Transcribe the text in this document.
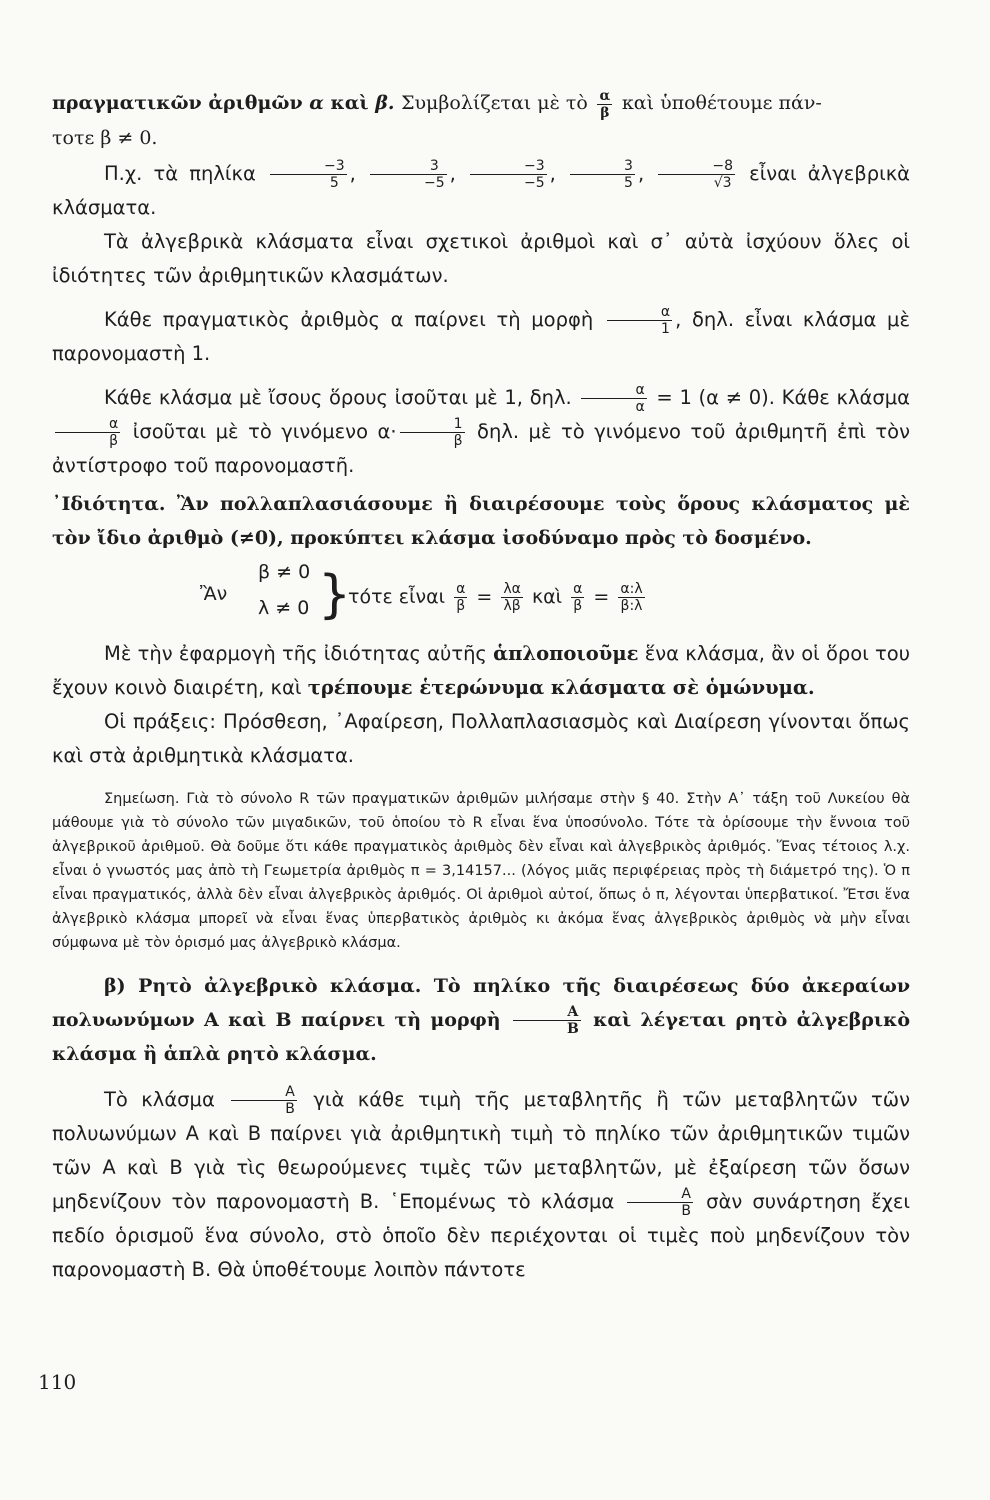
πραγματικῶν ἀριθμῶν α καὶ β. Συμβολίζεται μὲ τὸ $\frac{\alpha}{\beta}$ καὶ ὑποθέτουμε πάν-
τοτε β ≠ 0.

Π.χ. τὰ πηλίκα $\frac{-3}{5}$ , $\frac{3}{-5}$ , $\frac{-3}{-5}$ , $\frac{3}{5}$ , $\frac{-8}{√3}$ εἶναι ἀλγεβρικὰ κλάσματα.

Τὰ ἀλγεβρικὰ κλάσματα εἶναι σχετικοὶ ἀριθμοὶ καὶ σ᾽ αὐτὰ ἰσχύουν ὅλες οἱ ἰδιότητες τῶν ἀριθμητικῶν κλασμάτων.

Κάθε πραγματικὸς ἀριθμὸς α παίρνει τὴ μορφὴ $\frac{\alpha}{1}$ , δηλ. εἶναι κλάσμα μὲ παρονομαστὴ 1.

Κάθε κλάσμα μὲ ἴσους ὅρους ἰσοῦται μὲ 1, δηλ. $\frac{\alpha}{\alpha} = 1$ (α ≠ 0). Κάθε κλάσμα
$\frac{\alpha}{\beta}$ ἰσοῦται μὲ τὸ γινόμενο $\alpha\cdot \frac{1}{\beta} \delta\eta\lambda$. μὲ τὸ γινόμενο τοῦ ἀριθμητῆ ἐπὶ τὸν ἀντίστροφο τοῦ παρονομαστῆ.

᾿Ιδιότητα. Ἂν πολλαπλασιάσουμε ἢ διαιρέσουμε τοὺς ὅρους κλάσματος μὲ τὸν ἴδιο ἀριθμὸ (≠0), προκύπτει κλάσμα ἰσοδύναμο πρὸς τὸ δοσμένο.

Ἂν
β ≠ 0
λ ≠ 0 }
τότε εἶναι $\frac{\alpha}{\beta} = \frac{\lambda\alpha}{\lambda\beta}$ καὶ $\frac{\alpha}{\beta} = \frac{\alpha:\lambda}{\beta:\lambda}$

Μὲ τὴν ἐφαρμογὴ τῆς ἰδιότητας αὐτῆς ἁπλοποιοῦμε ἕνα κλάσμα, ἂν οἱ ὅροι του ἔχουν κοινὸ διαιρέτη, καὶ τρέπουμε ἑτερώνυμα κλάσματα σὲ ὁμώνυμα.

Οἱ πράξεις: Πρόσθεση, ᾿Αφαίρεση, Πολλαπλασιασμὸς καὶ Διαίρεση γίνονται ὅπως καὶ στὰ ἀριθμητικὰ κλάσματα.

Σημείωση. Γιὰ τὸ σύνολο R τῶν πραγματικῶν ἀριθμῶν μιλήσαμε στὴν § 40. Στὴν Α᾽ τάξη τοῦ Λυκείου θὰ μάθουμε γιὰ τὸ σύνολο τῶν μιγαδικῶν, τοῦ ὁποίου τὸ R εἶναι ἕνα ὑποσύνολο. Τότε τὰ ὁρίσουμε τὴν ἔννοια τοῦ ἀλγεβρικοῦ ἀριθμοῦ. Θὰ δοῦμε ὅτι κάθε πραγματικὸς ἀριθμὸς δὲν εἶναι καὶ ἀλγεβρικὸς ἀριθμός. Ἕνας τέτοιος λ.χ. εἶναι ὁ γνωστός μας ἀπὸ τὴ Γεωμετρία ἀριθμὸς π = 3,14157... (λόγος μιᾶς περιφέρειας πρὸς τὴ διάμετρό της). Ὁ π εἶναι πραγματικός, ἀλλὰ δὲν εἶναι ἀλγεβρικὸς ἀριθμός. Οἱ ἀριθμοὶ αὐτοί, ὅπως ὁ π, λέγονται ὑπερβατικοί. Ἔτσι ἕνα ἀλγεβρικὸ κλάσμα μπορεῖ νὰ εἶναι ἕνας ὑπερβατικὸς ἀριθμὸς κι ἀκόμα ἕνας ἀλγεβρικὸς ἀριθμὸς νὰ μὴν εἶναι σύμφωνα μὲ τὸν ὁρισμό μας ἀλγεβρικὸ κλάσμα.

β) Ρητὸ ἀλγεβρικὸ κλάσμα. Τὸ πηλίκο τῆς διαιρέσεως δύο ἀκεραίων πολυωνύμων Α καὶ Β παίρνει τὴ μορφὴ $\frac{A}{B}$ καὶ λέγεται ρητὸ ἀλγεβρικὸ κλάσμα ἢ ἁπλὰ ρητὸ κλάσμα.

Τὸ κλάσμα $\frac{A}{B}$ γιὰ κάθε τιμὴ τῆς μεταβλητῆς ἢ τῶν μεταβλητῶν τῶν πολυωνύμων Α καὶ Β παίρνει γιὰ ἀριθμητικὴ τιμὴ τὸ πηλίκο τῶν ἀριθμητικῶν τιμῶν τῶν Α καὶ Β γιὰ τὶς θεωρούμενες τιμὲς τῶν μεταβλητῶν, μὲ ἐξαίρεση τῶν ὅσων μηδενίζουν τὸν παρονομαστὴ Β. ῾Επομένως τὸ κλάσμα $\frac{A}{B}$ σὰν συνάρτηση ἔχει πεδίο ὁρισμοῦ ἕνα σύνολο, στὸ ὁποῖο δὲν περιέχονται οἱ τιμὲς ποὺ μηδενίζουν τὸν παρονομαστὴ Β. Θὰ ὑποθέτουμε λοιπὸν πάντοτε

110
